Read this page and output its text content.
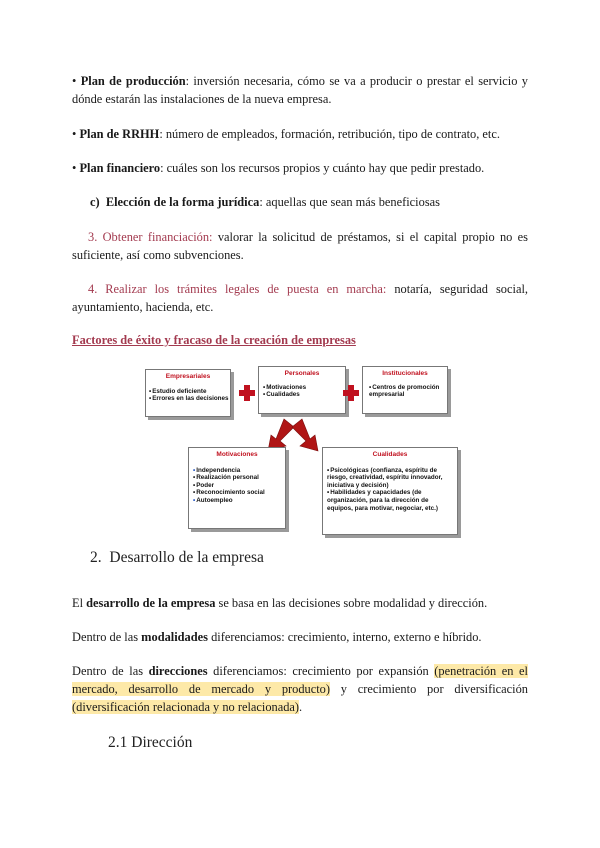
• Plan de producción: inversión necesaria, cómo se va a producir o prestar el servicio y dónde estarán las instalaciones de la nueva empresa.

• Plan de RRHH: número de empleados, formación, retribución, tipo de contrato, etc.

• Plan financiero: cuáles son los recursos propios y cuánto hay que pedir prestado.

c) Elección de la forma jurídica: aquellas que sean más beneficiosas

3. Obtener financiación: valorar la solicitud de préstamos, si el capital propio no es suficiente, así como subvenciones.

4. Realizar los trámites legales de puesta en marcha: notaría, seguridad social, ayuntamiento, hacienda, etc.

Factores de éxito y fracaso de la creación de empresas

Empresariales
• Estudio deficiente
• Errores en las decisiones
Personales
• Motivaciones
• Cualidades
Institucionales
• Centros de promoción empresarial
Motivaciones
• Independencia
• Realización personal
• Poder
• Reconocimiento social
• Autoempleo
Cualidades
• Psicológicas (confianza, espíritu de riesgo, creatividad, espíritu innovador, iniciativa y decisión)
• Habilidades y capacidades (de organización, para la dirección de equipos, para motivar, negociar, etc.)
2. Desarrollo de la empresa

El desarrollo de la empresa se basa en las decisiones sobre modalidad y dirección.

Dentro de las modalidades diferenciamos: crecimiento, interno, externo e híbrido.

Dentro de las direcciones diferenciamos: crecimiento por expansión (penetración en el mercado, desarrollo de mercado y producto) y crecimiento por diversificación (diversificación relacionada y no relacionada).

2.1 Dirección
